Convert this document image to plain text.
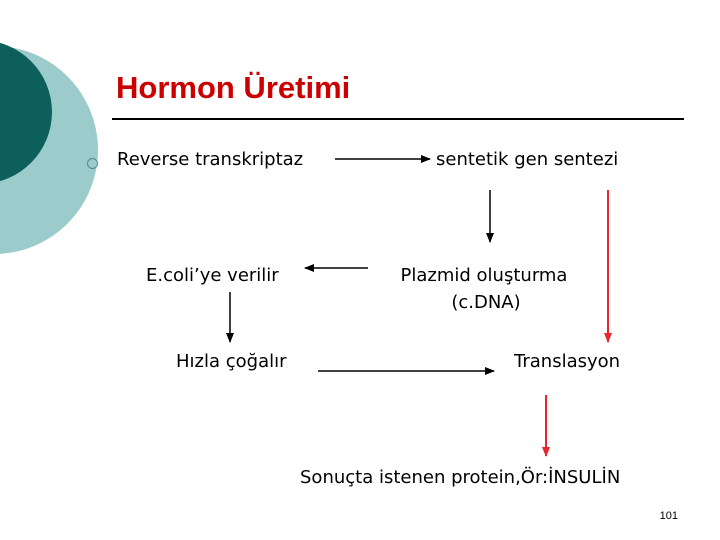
Hormon Üretimi
Reverse transkriptaz	sentetik gen sentezi
E.coli’ye verilir	Plazmid oluşturma
(c.DNA)
Hızla çoğalır	Translasyon
Sonuçta istenen protein,Ör:İNSULİN
101
